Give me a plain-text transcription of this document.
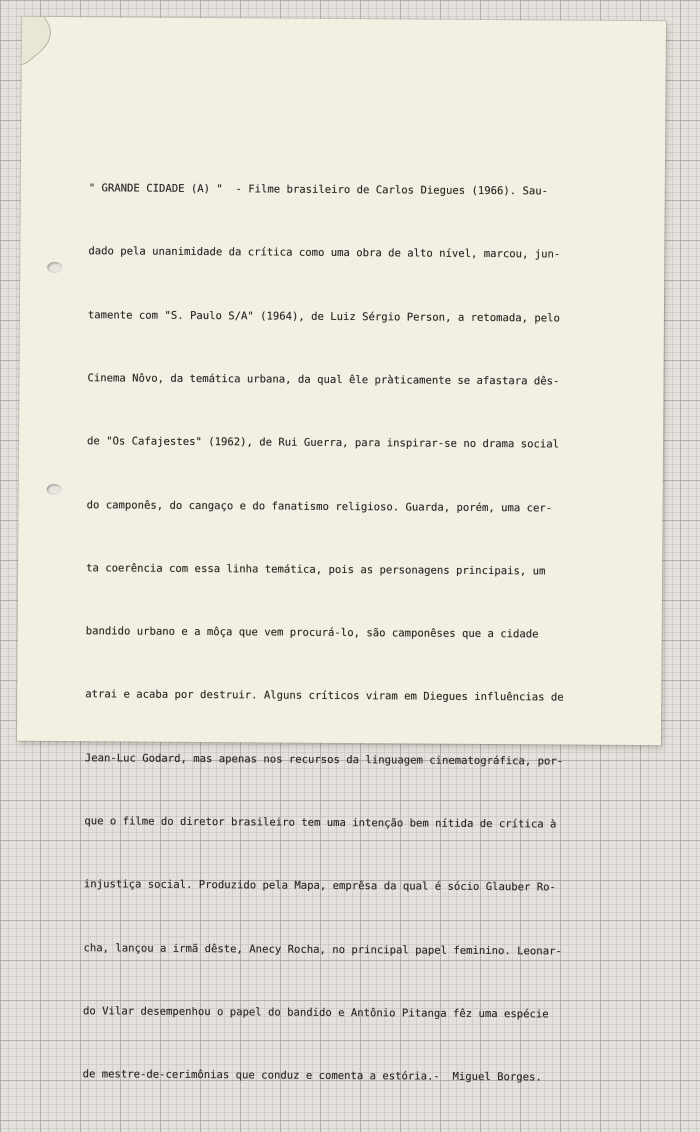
" GRANDE CIDADE (A) "  - Filme brasileiro de Carlos Diegues (1966). Sau-

dado pela unanimidade da crítica como uma obra de alto nível, marcou, jun-

tamente com "S. Paulo S/A" (1964), de Luiz Sérgio Person, a retomada, pelo

Cinema Nôvo, da temática urbana, da qual êle pràticamente se afastara dês-

de "Os Cafajestes" (1962), de Rui Guerra, para inspirar-se no drama social

do camponês, do cangaço e do fanatismo religioso. Guarda, porém, uma cer-

ta coerência com essa linha temática, pois as personagens principais, um

bandido urbano e a môça que vem procurá-lo, são camponêses que a cidade

atrai e acaba por destruir. Alguns críticos viram em Diegues influências de

Jean-Luc Godard, mas apenas nos recursos da linguagem cinematográfica, por-

que o filme do diretor brasileiro tem uma intenção bem nítida de crítica à

injustiça social. Produzido pela Mapa, emprêsa da qual é sócio Glauber Ro-

cha, lançou a irmã dêste, Anecy Rocha, no principal papel feminino. Leonar-

do Vilar desempenhou o papel do bandido e Antônio Pitanga fêz uma espécie

de mestre-de-cerimônias que conduz e comenta a estória.-  Miguel Borges.
